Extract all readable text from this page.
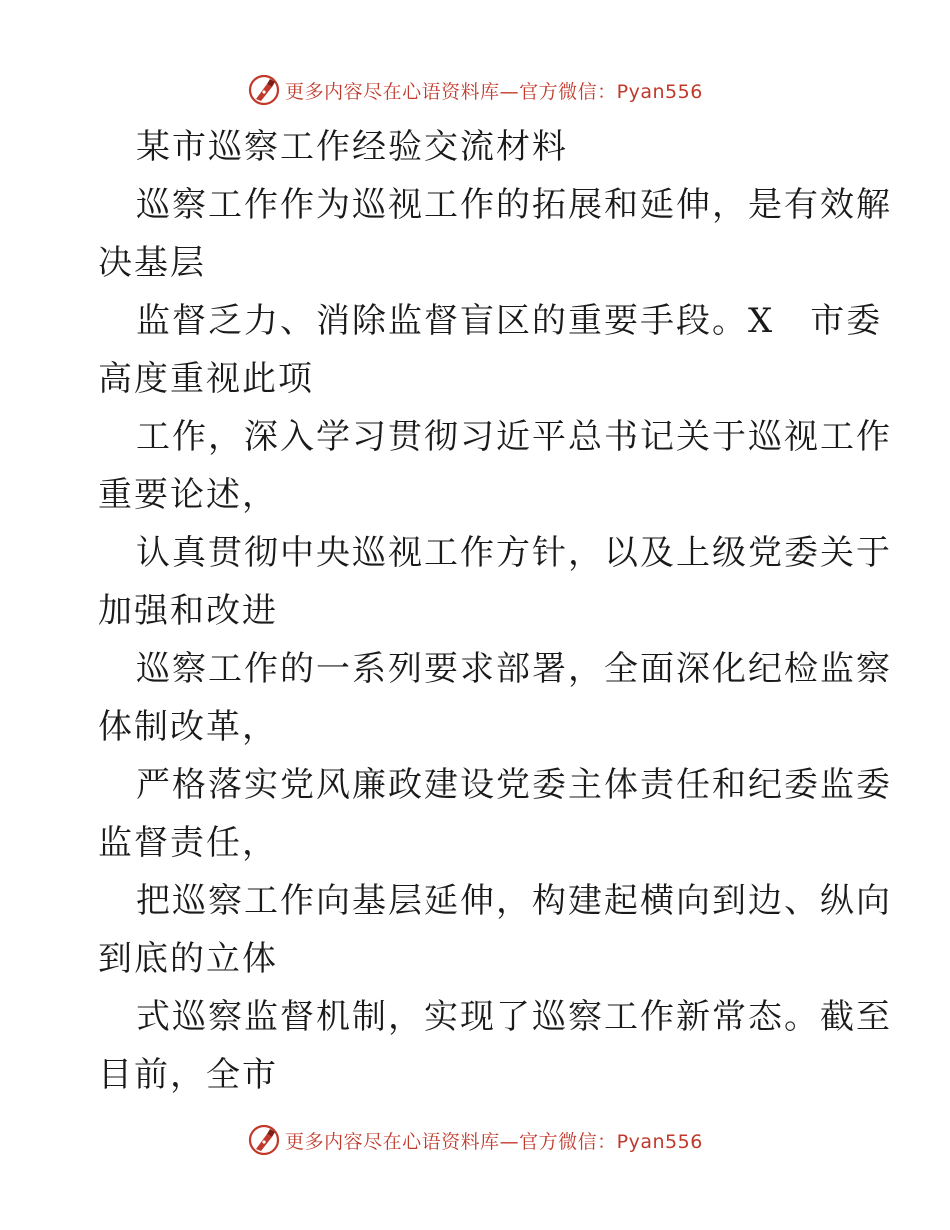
更多内容尽在心语资料库—官方微信：Pyan556

某市巡察工作经验交流材料

巡察工作作为巡视工作的拓展和延伸，是有效解

决基层

监督乏力、消除监督盲区的重要手段。X　市委

高度重视此项

工作，深入学习贯彻习近平总书记关于巡视工作

重要论述，

认真贯彻中央巡视工作方针，以及上级党委关于

加强和改进

巡察工作的一系列要求部署，全面深化纪检监察

体制改革，

严格落实党风廉政建设党委主体责任和纪委监委

监督责任，

把巡察工作向基层延伸，构建起横向到边、纵向

到底的立体

式巡察监督机制，实现了巡察工作新常态。截至

目前，全市

更多内容尽在心语资料库—官方微信：Pyan556
